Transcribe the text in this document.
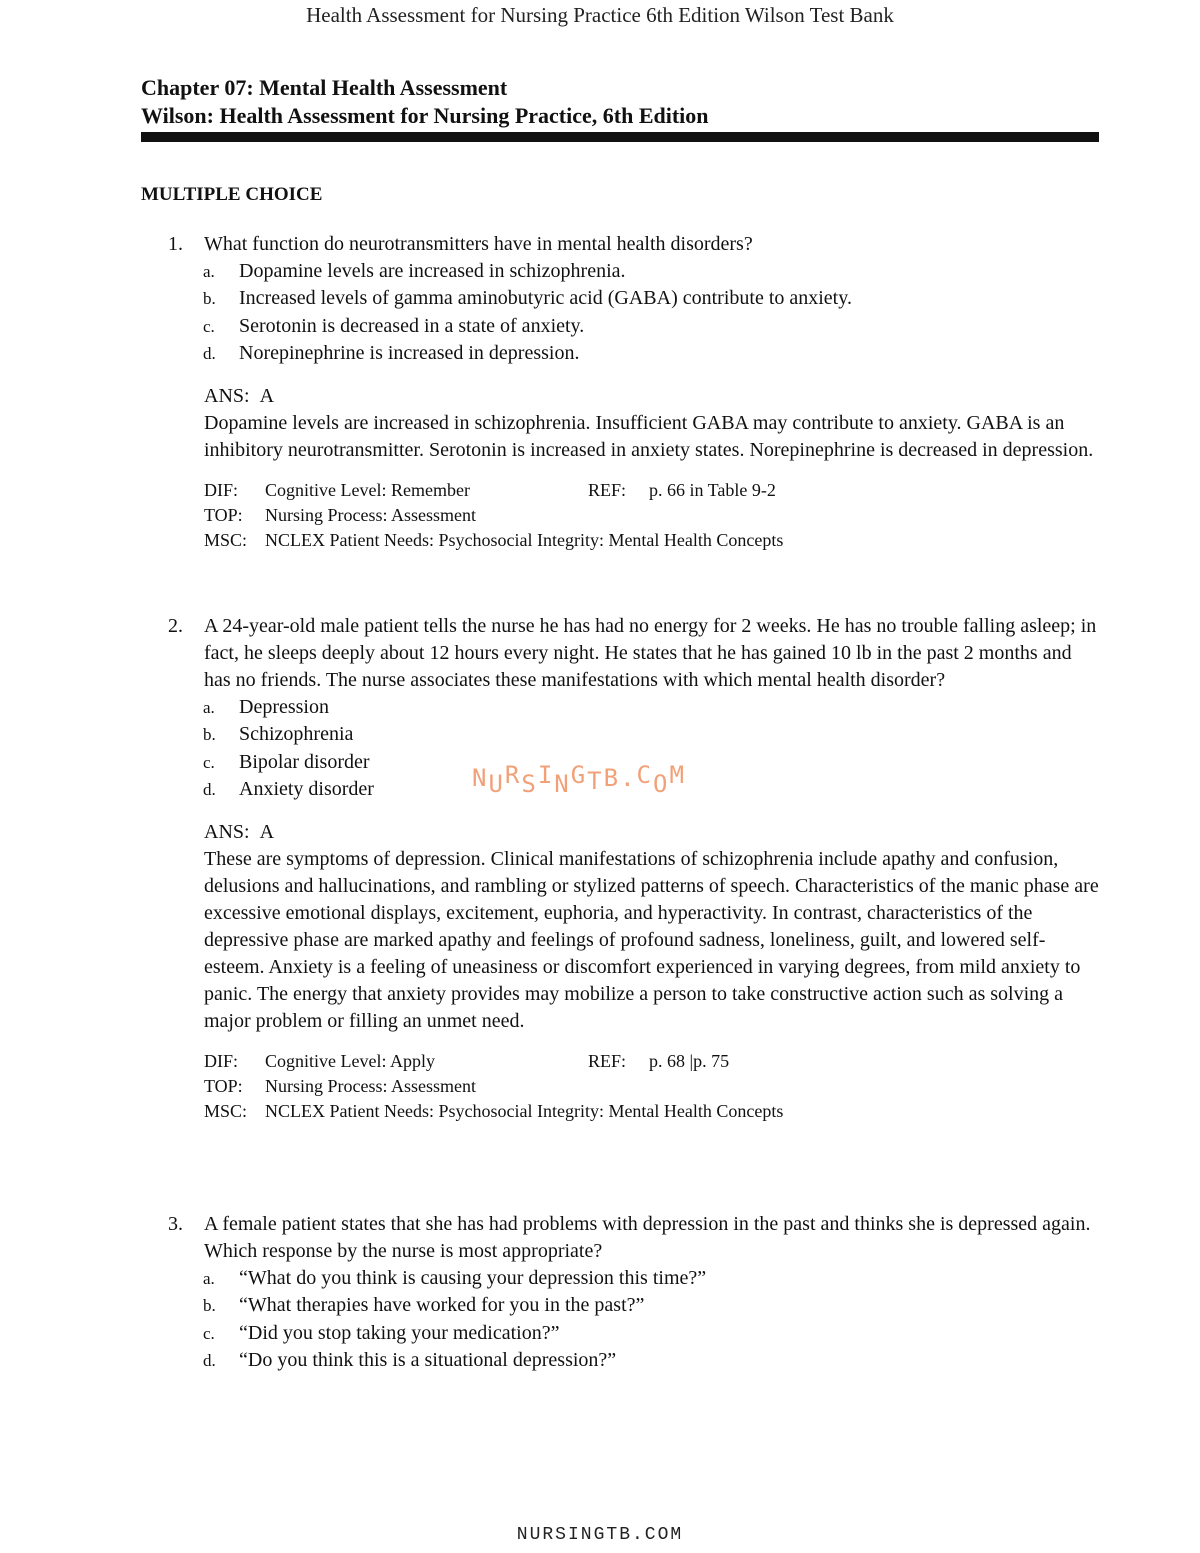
Health Assessment for Nursing Practice 6th Edition Wilson Test Bank
Chapter 07: Mental Health Assessment
Wilson: Health Assessment for Nursing Practice, 6th Edition
MULTIPLE CHOICE
1.	What function do neurotransmitters have in mental health disorders?
a. Dopamine levels are increased in schizophrenia.
b. Increased levels of gamma aminobutyric acid (GABA) contribute to anxiety.
c. Serotonin is decreased in a state of anxiety.
d. Norepinephrine is increased in depression.
ANS: A
Dopamine levels are increased in schizophrenia. Insufficient GABA may contribute to anxiety. GABA is an inhibitory neurotransmitter. Serotonin is increased in anxiety states. Norepinephrine is decreased in depression.
DIF: Cognitive Level: Remember	REF: p. 66 in Table 9-2
TOP: Nursing Process: Assessment
MSC: NCLEX Patient Needs: Psychosocial Integrity: Mental Health Concepts
2.	A 24-year-old male patient tells the nurse he has had no energy for 2 weeks. He has no trouble falling asleep; in fact, he sleeps deeply about 12 hours every night. He states that he has gained 10 lb in the past 2 months and has no friends. The nurse associates these manifestations with which mental health disorder?
a. Depression
b. Schizophrenia
c. Bipolar disorder
d. Anxiety disorder
ANS: A
These are symptoms of depression. Clinical manifestations of schizophrenia include apathy and confusion, delusions and hallucinations, and rambling or stylized patterns of speech. Characteristics of the manic phase are excessive emotional displays, excitement, euphoria, and hyperactivity. In contrast, characteristics of the depressive phase are marked apathy and feelings of profound sadness, loneliness, guilt, and lowered self-esteem. Anxiety is a feeling of uneasiness or discomfort experienced in varying degrees, from mild anxiety to panic. The energy that anxiety provides may mobilize a person to take constructive action such as solving a major problem or filling an unmet need.
DIF: Cognitive Level: Apply	REF: p. 68 |p. 75
TOP: Nursing Process: Assessment
MSC: NCLEX Patient Needs: Psychosocial Integrity: Mental Health Concepts
3.	A female patient states that she has had problems with depression in the past and thinks she is depressed again. Which response by the nurse is most appropriate?
a. “What do you think is causing your depression this time?”
b. “What therapies have worked for you in the past?”
c. “Did you stop taking your medication?”
d. “Do you think this is a situational depression?”
NURSINGTB.COM
NURSINGTB.COM
